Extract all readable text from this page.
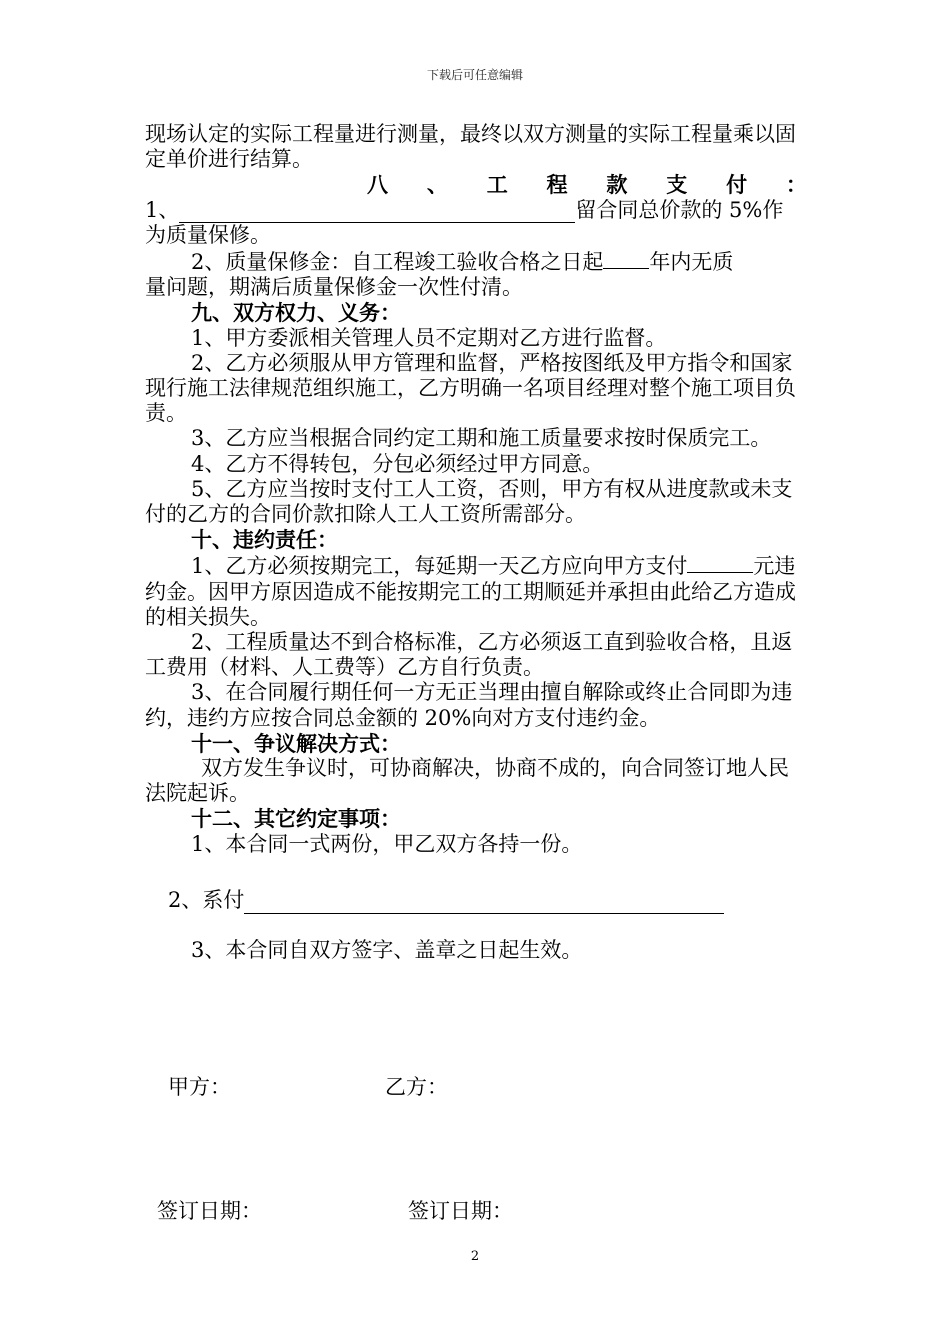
下载后可任意编辑

现场认定的实际工程量进行测量，最终以双方测量的实际工程量乘以固定单价进行结算。

八 、 工 程 款 支 付 ：
1、	留合同总价款的 5%作

为质量保修。

2、质量保修金：自工程竣工验收合格之日起 年内无质

量问题，期满后质量保修金一次性付清。

九、双方权力、义务：

1、甲方委派相关管理人员不定期对乙方进行监督。

2、乙方必须服从甲方管理和监督，严格按图纸及甲方指令和国家现行施工法律规范组织施工，乙方明确一名项目经理对整个施工项目负责。

3、乙方应当根据合同约定工期和施工质量要求按时保质完工。

4、乙方不得转包，分包必须经过甲方同意。

5、乙方应当按时支付工人工资，否则，甲方有权从进度款或未支付的乙方的合同价款扣除人工人工资所需部分。

十、违约责任：

1、乙方必须按期完工，每延期一天乙方应向甲方支付	元违约金。因甲方原因造成不能按期完工的工期顺延并承担由此给乙方造成的相关损失。

2、工程质量达不到合格标准，乙方必须返工直到验收合格，且返工费用（材料、人工费等）乙方自行负责。

3、在合同履行期任何一方无正当理由擅自解除或终止合同即为违约，违约方应按合同总金额的 20%向对方支付违约金。

十一、争议解决方式：

双方发生争议时，可协商解决，协商不成的，向合同签订地人民法院起诉。

十二、其它约定事项：

1、本合同一式两份，甲乙双方各持一份。

2、系付
3、本合同自双方签字、盖章之日起生效。
甲方：	乙方：
签订日期：	签订日期：
2
